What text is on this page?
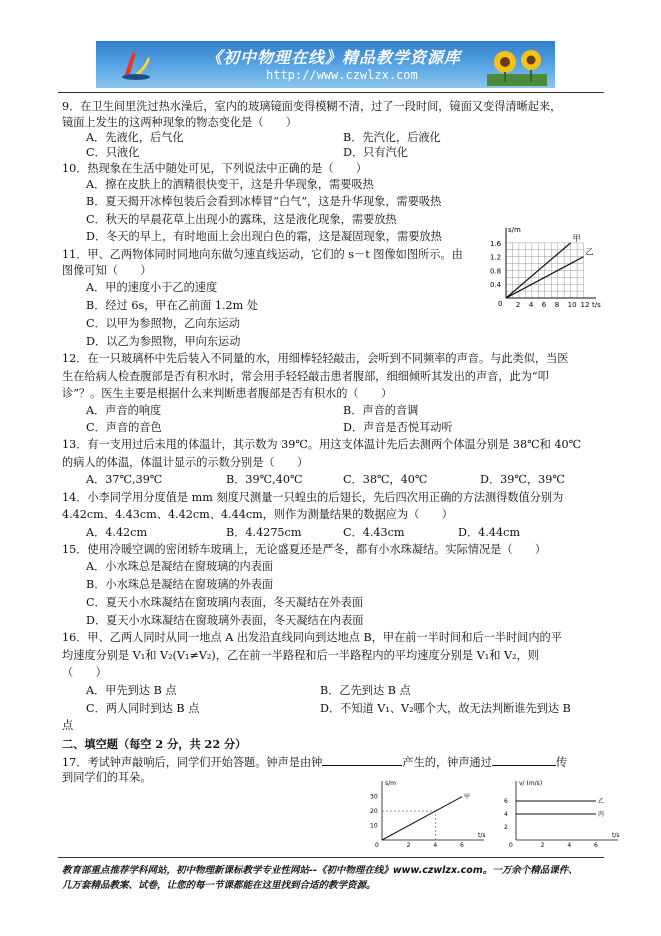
《初中物理在线》精品教学资源库
http://www.czwlzx.com
9．在卫生间里洗过热水澡后，室内的玻璃镜面变得模糊不清，过了一段时间，镜面又变得清晰起来，
镜面上发生的这两种现象的物态变化是（　　）
A．先液化，后气化	B．先汽化，后液化
C．只液化	D．只有汽化
10．热现象在生活中随处可见，下列说法中正确的是（　　）
A．擦在皮肤上的酒精很快变干，这是升华现象，需要吸热
B．夏天揭开冰棒包装后会看到冰棒冒“白气”，这是升华现象，需要吸热
C．秋天的早晨花草上出现小的露珠，这是液化现象，需要放热
D．冬天的早上，有时地面上会出现白色的霜，这是凝固现象，需要放热
11．甲、乙两物体同时同地向东做匀速直线运动，它们的 s－t 图像如图所示。由
图像可知（　　）
A．甲的速度小于乙的速度
B．经过 6s，甲在乙前面 1.2m 处
C．以甲为参照物，乙向东运动
D．以乙为参照物，甲向东运动
12．在一只玻璃杯中先后装入不同量的水，用细棒轻轻敲击，会听到不同频率的声音。与此类似，当医
生在给病人检查腹部是否有积水时，常会用手轻轻敲击患者腹部，细细倾听其发出的声音，此为“叩
诊”？。医生主要是根据什么来判断患者腹部是否有积水的（　　）
A．声音的响度	B．声音的音调
C．声音的音色	D．声音是否悦耳动听
13．有一支用过后未甩的体温计，其示数为 39℃。用这支体温计先后去测两个体温分别是 38℃和 40℃
的病人的体温，体温计显示的示数分别是（　　）
A．37℃,39℃	B．39℃,40℃	C．38℃，40℃	D．39℃，39℃
14．小李同学用分度值是 mm 刻度尺测量一只蝗虫的后翅长，先后四次用正确的方法测得数值分别为
4.42cm、4.43cm、4.42cm、4.44cm，则作为测量结果的数据应为（　　）
A．4.42cm	B．4.4275cm	C．4.43cm	D．4.44cm
15．使用冷暖空调的密闭轿车玻璃上，无论盛夏还是严冬，都有小水珠凝结。实际情况是（　　）
A．小水珠总是凝结在窗玻璃的内表面
B．小水珠总是凝结在窗玻璃的外表面
C．夏天小水珠凝结在窗玻璃内表面，冬天凝结在外表面
D．夏天小水珠凝结在窗玻璃外表面，冬天凝结在内表面
16．甲、乙两人同时从同一地点 A 出发沿直线同向到达地点 B，甲在前一半时间和后一半时间内的平
均速度分别是 V₁和 V₂(V₁≠V₂)，乙在前一半路程和后一半路程内的平均速度分别是 V₁和 V₂，则
（　　）
A．甲先到达 B 点	B．乙先到达 B 点
C．两人同时到达 B 点	D．不知道 V₁、V₂哪个大，故无法判断谁先到达 B
点
s/m
t/s
0
0.4
0.8
1.2
1.6
2 4 6 8 10 12
甲
乙
二、填空题（每空 2 分，共 22 分）
17．考试钟声敲响后，同学们开始答题。钟声是由钟	产生的，钟声通过	传
到同学们的耳朵。	s/m
t/s
0
10
20
30
2	4	6
甲
v/ (m/s)
t/s
0
2
4
6
2	4	6
乙
丙
教育部重点推荐学科网站，初中物理新课标教学专业性网站--《初中物理在线》www.czwlzx.com。一万余个精品课件、
几万套精品教案、试卷，让您的每一节课都能在这里找到合适的教学资源。
